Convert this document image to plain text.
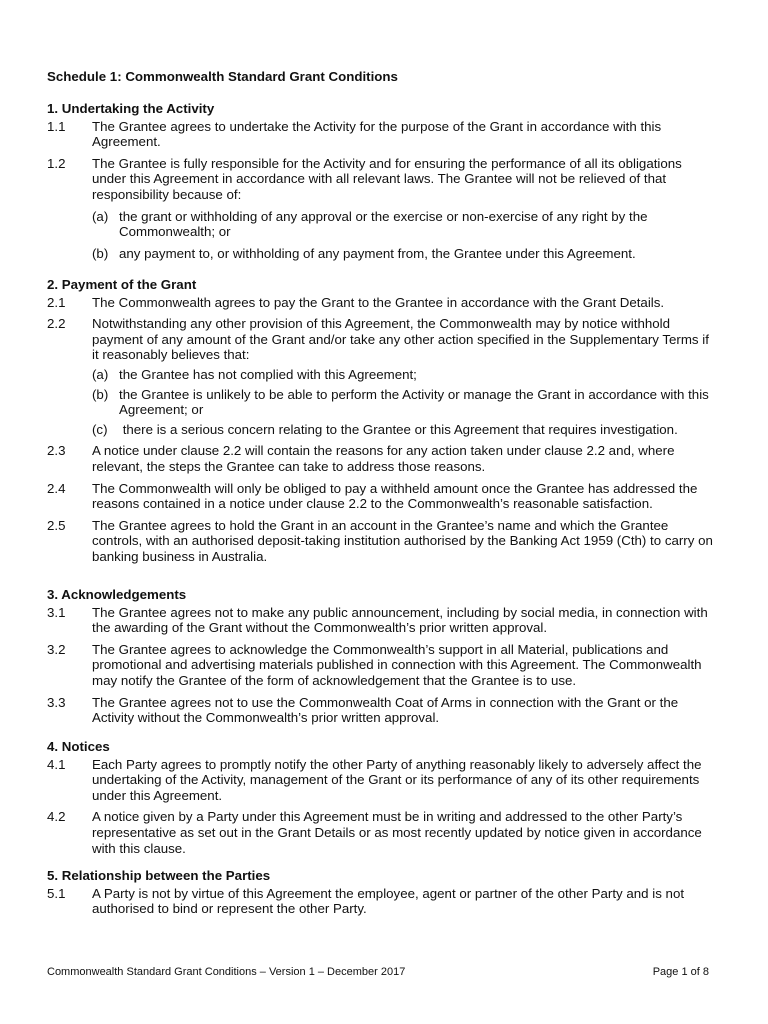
Schedule 1: Commonwealth Standard Grant Conditions
1. Undertaking the Activity
1.1	The Grantee agrees to undertake the Activity for the purpose of the Grant in accordance with this Agreement.
1.2	The Grantee is fully responsible for the Activity and for ensuring the performance of all its obligations under this Agreement in accordance with all relevant laws. The Grantee will not be relieved of that responsibility because of:
(a) the grant or withholding of any approval or the exercise or non-exercise of any right by the Commonwealth; or
(b) any payment to, or withholding of any payment from, the Grantee under this Agreement.
2. Payment of the Grant
2.1	The Commonwealth agrees to pay the Grant to the Grantee in accordance with the Grant Details.
2.2	Notwithstanding any other provision of this Agreement, the Commonwealth may by notice withhold payment of any amount of the Grant and/or take any other action specified in the Supplementary Terms if it reasonably believes that:
(a) the Grantee has not complied with this Agreement;
(b) the Grantee is unlikely to be able to perform the Activity or manage the Grant in accordance with this Agreement; or
(c) there is a serious concern relating to the Grantee or this Agreement that requires investigation.
2.3	A notice under clause 2.2 will contain the reasons for any action taken under clause 2.2 and, where relevant, the steps the Grantee can take to address those reasons.
2.4	The Commonwealth will only be obliged to pay a withheld amount once the Grantee has addressed the reasons contained in a notice under clause 2.2 to the Commonwealth’s reasonable satisfaction.
2.5	The Grantee agrees to hold the Grant in an account in the Grantee’s name and which the Grantee controls, with an authorised deposit-taking institution authorised by the Banking Act 1959 (Cth) to carry on banking business in Australia.
3. Acknowledgements
3.1	The Grantee agrees not to make any public announcement, including by social media, in connection with the awarding of the Grant without the Commonwealth’s prior written approval.
3.2	The Grantee agrees to acknowledge the Commonwealth’s support in all Material, publications and promotional and advertising materials published in connection with this Agreement. The Commonwealth may notify the Grantee of the form of acknowledgement that the Grantee is to use.
3.3	The Grantee agrees not to use the Commonwealth Coat of Arms in connection with the Grant or the Activity without the Commonwealth’s prior written approval.
4. Notices
4.1	Each Party agrees to promptly notify the other Party of anything reasonably likely to adversely affect the undertaking of the Activity, management of the Grant or its performance of any of its other requirements under this Agreement.
4.2	A notice given by a Party under this Agreement must be in writing and addressed to the other Party’s representative as set out in the Grant Details or as most recently updated by notice given in accordance with this clause.
5. Relationship between the Parties
5.1	A Party is not by virtue of this Agreement the employee, agent or partner of the other Party and is not authorised to bind or represent the other Party.
Commonwealth Standard Grant Conditions – Version 1 – December 2017	Page 1 of 8
